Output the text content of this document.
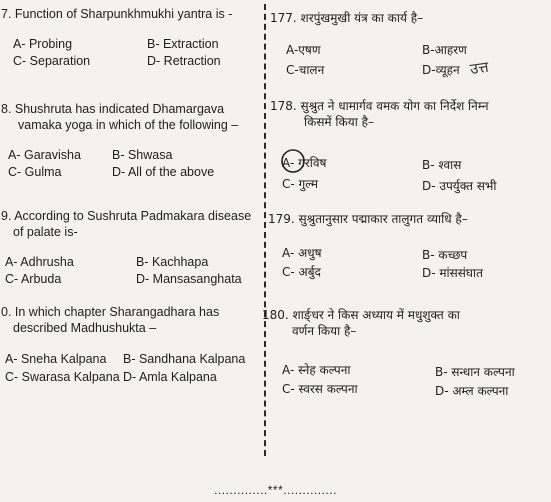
7. Function of Sharpunkhmukhi yantra is -
A- Probing	B- Extraction
C- Separation	D- Retraction
8. Shushruta has indicated Dhamargava
vamaka yoga in which of the following –
A- Garavisha B- Shwasa
C- Gulma	D- All of the above
9. According to Sushruta Padmakara disease
of palate is-
A- Adhrusha	B- Kachhapa
C- Arbuda	D- Mansasanghata
0. In which chapter Sharangadhara has
described Madhushukta –
A- Sneha Kalpana B- Sandhana Kalpana
C- Swarasa Kalpana D- Amla Kalpana
177. शरपुंखमुखी यंत्र का कार्य है–
A-एषण	B-आहरण
C-चालन	D-व्यूहन उत्त
178. सुश्रुत ने धामार्गव वमक योग का निर्देश निम्न
किसमें किया है–
A- गरविष	B- श्वास
C- गुल्म	D- उपर्युक्त सभी
179. सुश्रुतानुसार पद्माकार तालुगत व्याधि है–
A- अधुष	B- कच्छप
C- अर्बुद	D- मांससंघात
180. शार्ङ्धर ने किस अध्याय में मधुशुक्त का
वर्णन किया है–
A- स्नेह कल्पना	B- सन्धान कल्पना
C- स्वरस कल्पना	D- अम्ल कल्पना
..............***..............
